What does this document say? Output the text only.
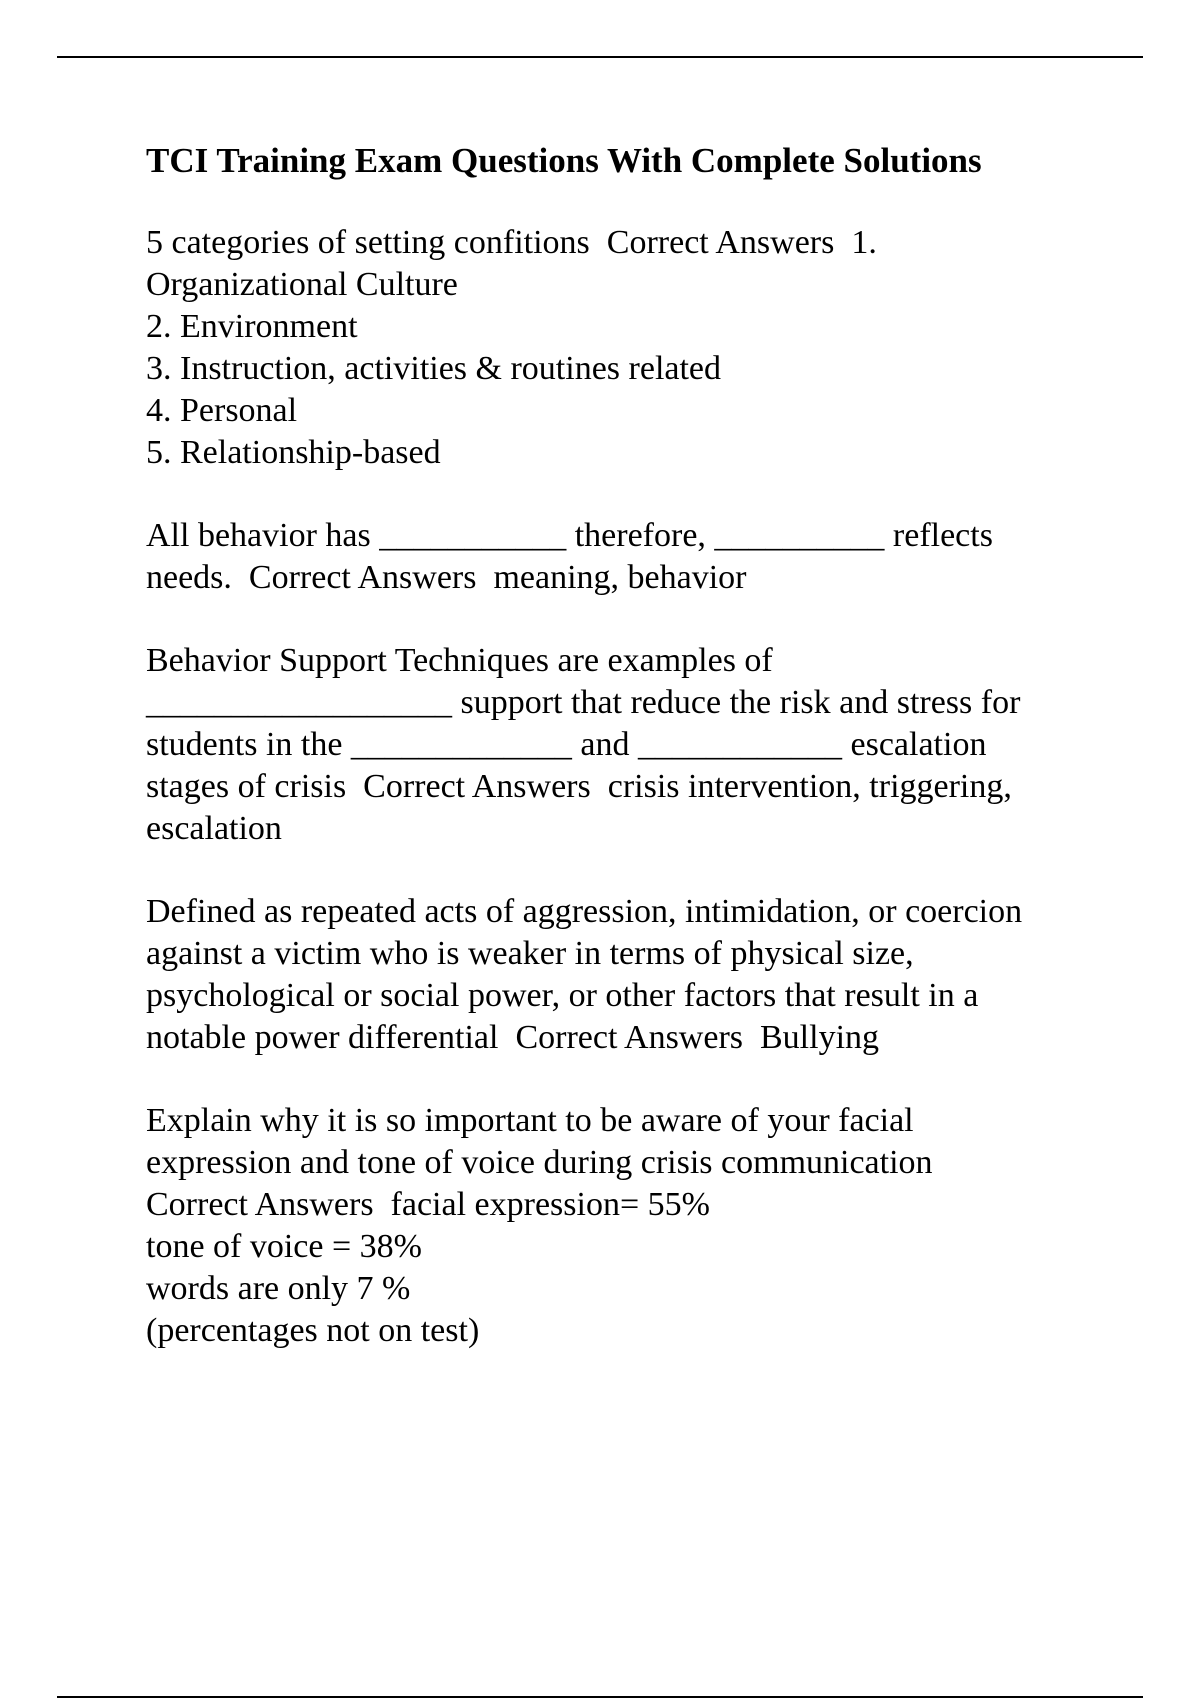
TCI Training Exam Questions With Complete Solutions
5 categories of setting confitions  Correct Answers  1.
Organizational Culture
2. Environment
3. Instruction, activities & routines related
4. Personal
5. Relationship-based
All behavior has ___________ therefore, __________ reflects
needs.  Correct Answers  meaning, behavior
Behavior Support Techniques are examples of
__________________ support that reduce the risk and stress for
students in the _____________ and ____________ escalation
stages of crisis  Correct Answers  crisis intervention, triggering,
escalation
Defined as repeated acts of aggression, intimidation, or coercion
against a victim who is weaker in terms of physical size,
psychological or social power, or other factors that result in a
notable power differential  Correct Answers  Bullying
Explain why it is so important to be aware of your facial
expression and tone of voice during crisis communication
Correct Answers  facial expression= 55%
tone of voice = 38%
words are only 7 %
(percentages not on test)
